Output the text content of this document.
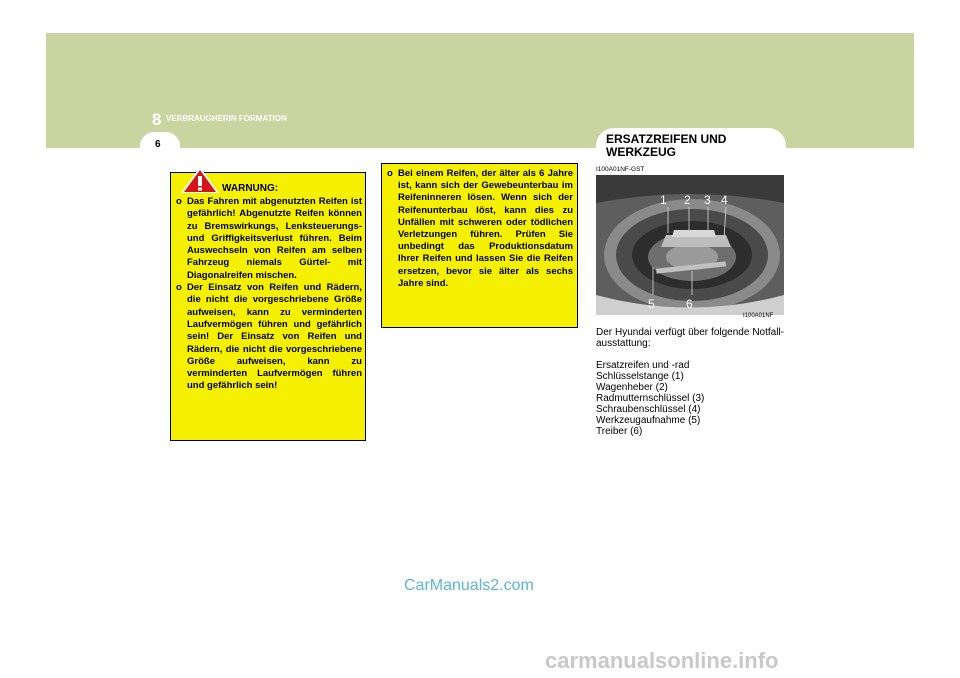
8 VERBRAUGHERIN FORMATION
6	ERSATZREIFEN UND WERKZEUG
I100A01NF-GST
WARNUNG:
o Das Fahren mit abgenutzten Reifen ist gefährlich! Abgenutzte Reifen können zu Bremswirkungs, Lenksteuerungs- und Griffigkeitsverlust führen. Beim Auswechseln von Reifen am selben Fahrzeug niemals Gürtel- mit Diagonalreifen mischen.
o Der Einsatz von Reifen und Rädern, die nicht die vorgeschriebene Größe aufweisen, kann zu verminderten Laufvermögen führen und gefährlich sein! Der Einsatz von Reifen und Rädern, die nicht die vorgeschriebene Größe aufweisen, kann zu verminderten Laufvermögen führen und gefährlich sein!
o Bei einem Reifen, der älter als 6 Jahre ist, kann sich der Gewebeunterbau im Reifeninneren lösen. Wenn sich der Reifenunterbau löst, kann dies zu Unfällen mit schweren oder tödlichen Verletzungen führen. Prüfen Sie unbedingt das Produktionsdatum Ihrer Reifen und lassen Sie die Reifen ersetzen, bevor sie älter als sechs Jahre sind.
1 2 3 4
5	6
I100A01NF
Der Hyundai verfügt über folgende Notfall-ausstattung:
Ersatzreifen und -rad
Schlüsselstange (1)
Wagenheber (2)
Radmutternschlüssel (3)
Schraubenschlüssel (4)
Werkzeugaufnahme (5)
Treiber (6)
CarManuals2.com
carmanualsonline.info
